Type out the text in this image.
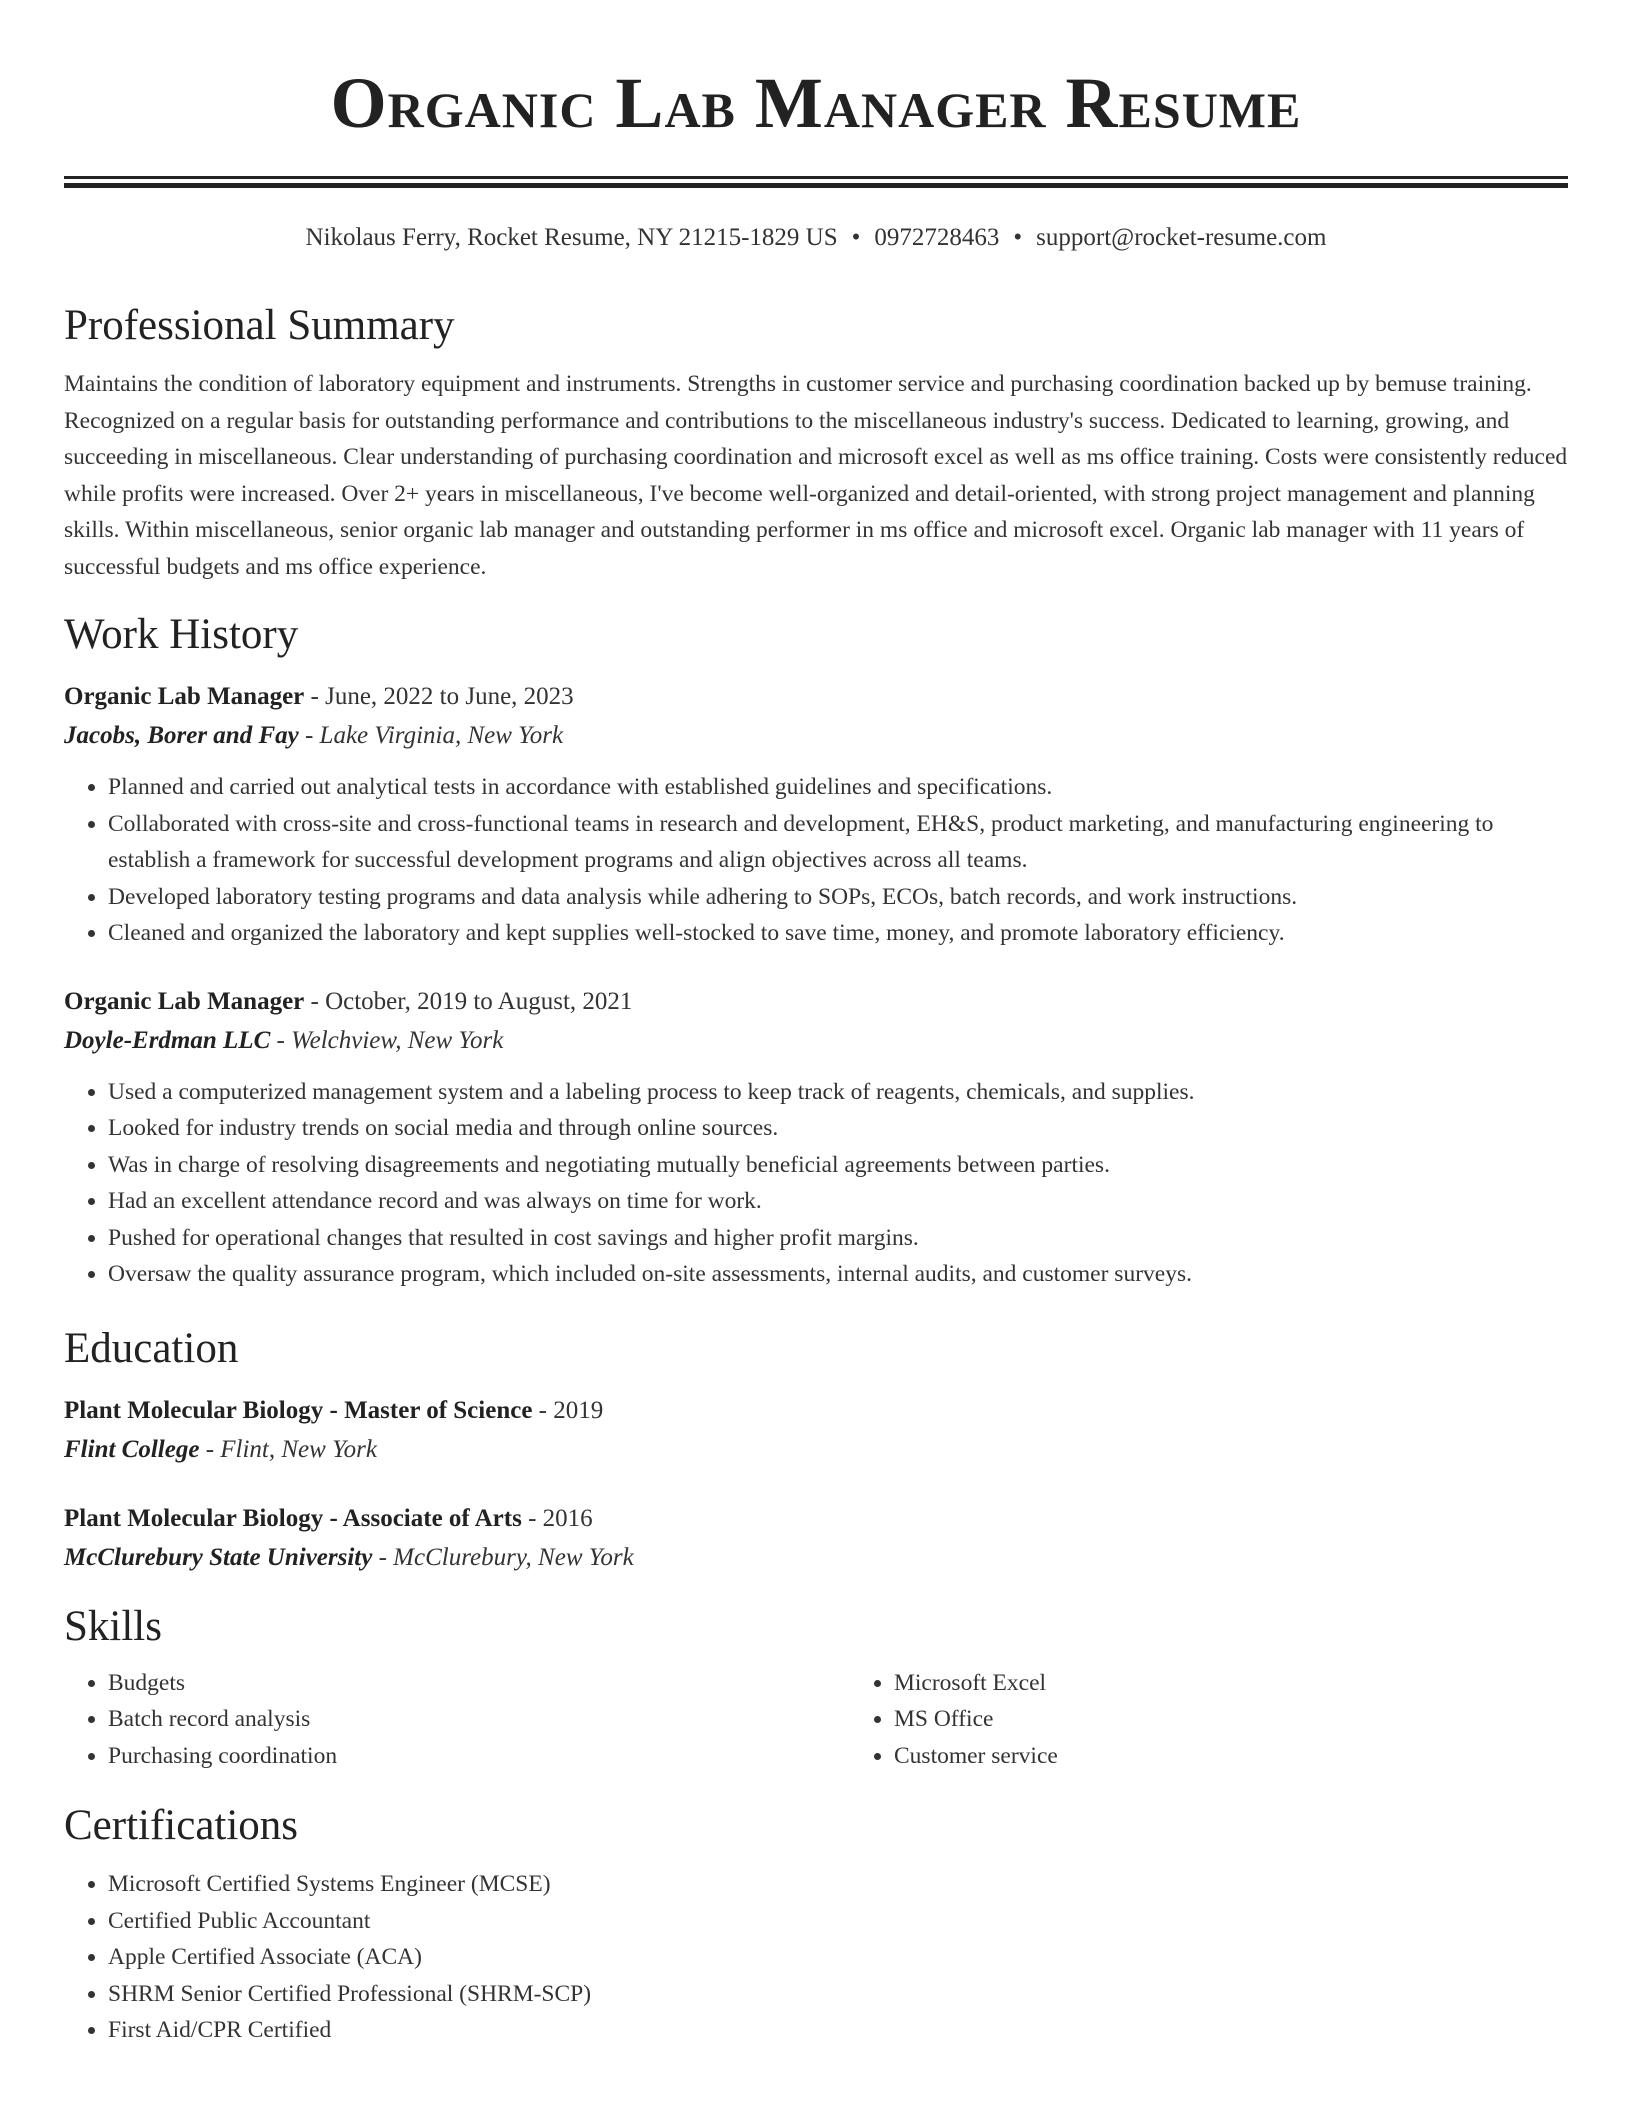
Organic Lab Manager Resume
Nikolaus Ferry, Rocket Resume, NY 21215-1829 US • 0972728463 • support@rocket-resume.com
Professional Summary

Maintains the condition of laboratory equipment and instruments. Strengths in customer service and purchasing coordination backed up by bemuse training. Recognized on a regular basis for outstanding performance and contributions to the miscellaneous industry's success. Dedicated to learning, growing, and succeeding in miscellaneous. Clear understanding of purchasing coordination and microsoft excel as well as ms office training. Costs were consistently reduced while profits were increased. Over 2+ years in miscellaneous, I've become well-organized and detail-oriented, with strong project management and planning skills. Within miscellaneous, senior organic lab manager and outstanding performer in ms office and microsoft excel. Organic lab manager with 11 years of successful budgets and ms office experience.

Work History
Organic Lab Manager - June, 2022 to June, 2023
Jacobs, Borer and Fay - Lake Virginia, New York
• Planned and carried out analytical tests in accordance with established guidelines and specifications.
• Collaborated with cross-site and cross-functional teams in research and development, EH&S, product marketing, and manufacturing engineering to establish a framework for successful development programs and align objectives across all teams.
• Developed laboratory testing programs and data analysis while adhering to SOPs, ECOs, batch records, and work instructions.
• Cleaned and organized the laboratory and kept supplies well-stocked to save time, money, and promote laboratory efficiency.
Organic Lab Manager - October, 2019 to August, 2021
Doyle-Erdman LLC - Welchview, New York
• Used a computerized management system and a labeling process to keep track of reagents, chemicals, and supplies.
• Looked for industry trends on social media and through online sources.
• Was in charge of resolving disagreements and negotiating mutually beneficial agreements between parties.
• Had an excellent attendance record and was always on time for work.
• Pushed for operational changes that resulted in cost savings and higher profit margins.
• Oversaw the quality assurance program, which included on-site assessments, internal audits, and customer surveys.
Education
Plant Molecular Biology - Master of Science - 2019
Flint College - Flint, New York
Plant Molecular Biology - Associate of Arts - 2016
McClurebury State University - McClurebury, New York
Skills
• Budgets
• Batch record analysis
• Purchasing coordination
• Microsoft Excel
• MS Office
• Customer service
Certifications
• Microsoft Certified Systems Engineer (MCSE)
• Certified Public Accountant
• Apple Certified Associate (ACA)
• SHRM Senior Certified Professional (SHRM-SCP)
• First Aid/CPR Certified
